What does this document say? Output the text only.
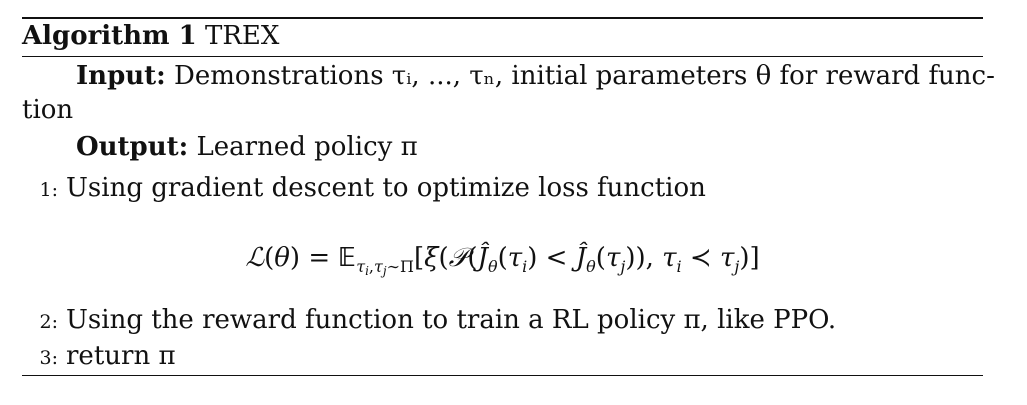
Algorithm 1 TREX
Input: Demonstrations τᵢ, ..., τₙ, initial parameters θ for reward func-
tion
Output: Learned policy π
1: Using gradient descent to optimize loss function
ℒ(θ) = $𝔼_{\tau_i,\tau_j\sim\Pi}[\xi(𝒫(Ĵ_\theta(\tau_i)$ < $Ĵ_\theta(\tau_j)$), $\tau_i$ ≺ $\tau_j$)]
2: Using the reward function to train a RL policy π, like PPO.
3: return π
